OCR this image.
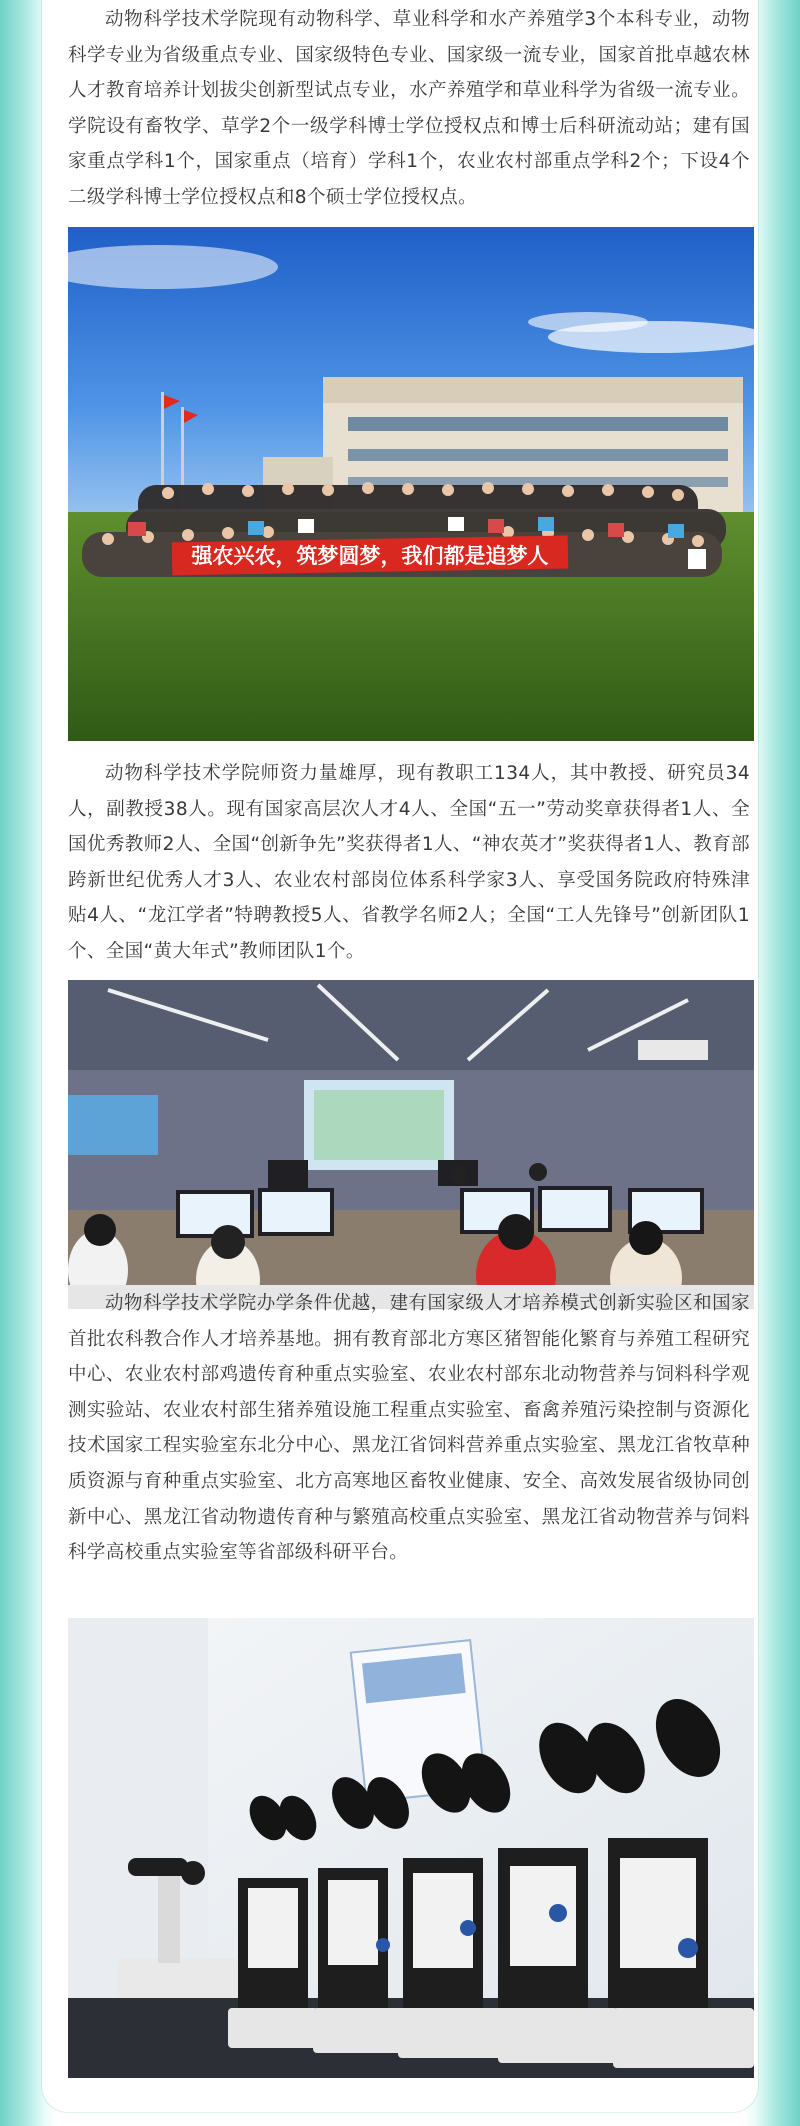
动物科学技术学院现有动物科学、草业科学和水产养殖学3个本科专业，动物科学专业为省级重点专业、国家级特色专业、国家级一流专业，国家首批卓越农林人才教育培养计划拔尖创新型试点专业，水产养殖学和草业科学为省级一流专业。学院设有畜牧学、草学2个一级学科博士学位授权点和博士后科研流动站；建有国家重点学科1个，国家重点（培育）学科1个，农业农村部重点学科2个；下设4个二级学科博士学位授权点和8个硕士学位授权点。

强农兴农，筑梦圆梦，我们都是追梦人

动物科学技术学院师资力量雄厚，现有教职工134人，其中教授、研究员34人，副教授38人。现有国家高层次人才4人、全国“五一”劳动奖章获得者1人、全国优秀教师2人、全国“创新争先”奖获得者1人、“神农英才”奖获得者1人、教育部跨新世纪优秀人才3人、农业农村部岗位体系科学家3人、享受国务院政府特殊津贴4人、“龙江学者”特聘教授5人、省教学名师2人；全国“工人先锋号”创新团队1个、全国“黄大年式”教师团队1个。

动物科学技术学院办学条件优越，建有国家级人才培养模式创新实验区和国家首批农科教合作人才培养基地。拥有教育部北方寒区猪智能化繁育与养殖工程研究中心、农业农村部鸡遗传育种重点实验室、农业农村部东北动物营养与饲料科学观测实验站、农业农村部生猪养殖设施工程重点实验室、畜禽养殖污染控制与资源化技术国家工程实验室东北分中心、黑龙江省饲料营养重点实验室、黑龙江省牧草种质资源与育种重点实验室、北方高寒地区畜牧业健康、安全、高效发展省级协同创新中心、黑龙江省动物遗传育种与繁殖高校重点实验室、黑龙江省动物营养与饲料科学高校重点实验室等省部级科研平台。
